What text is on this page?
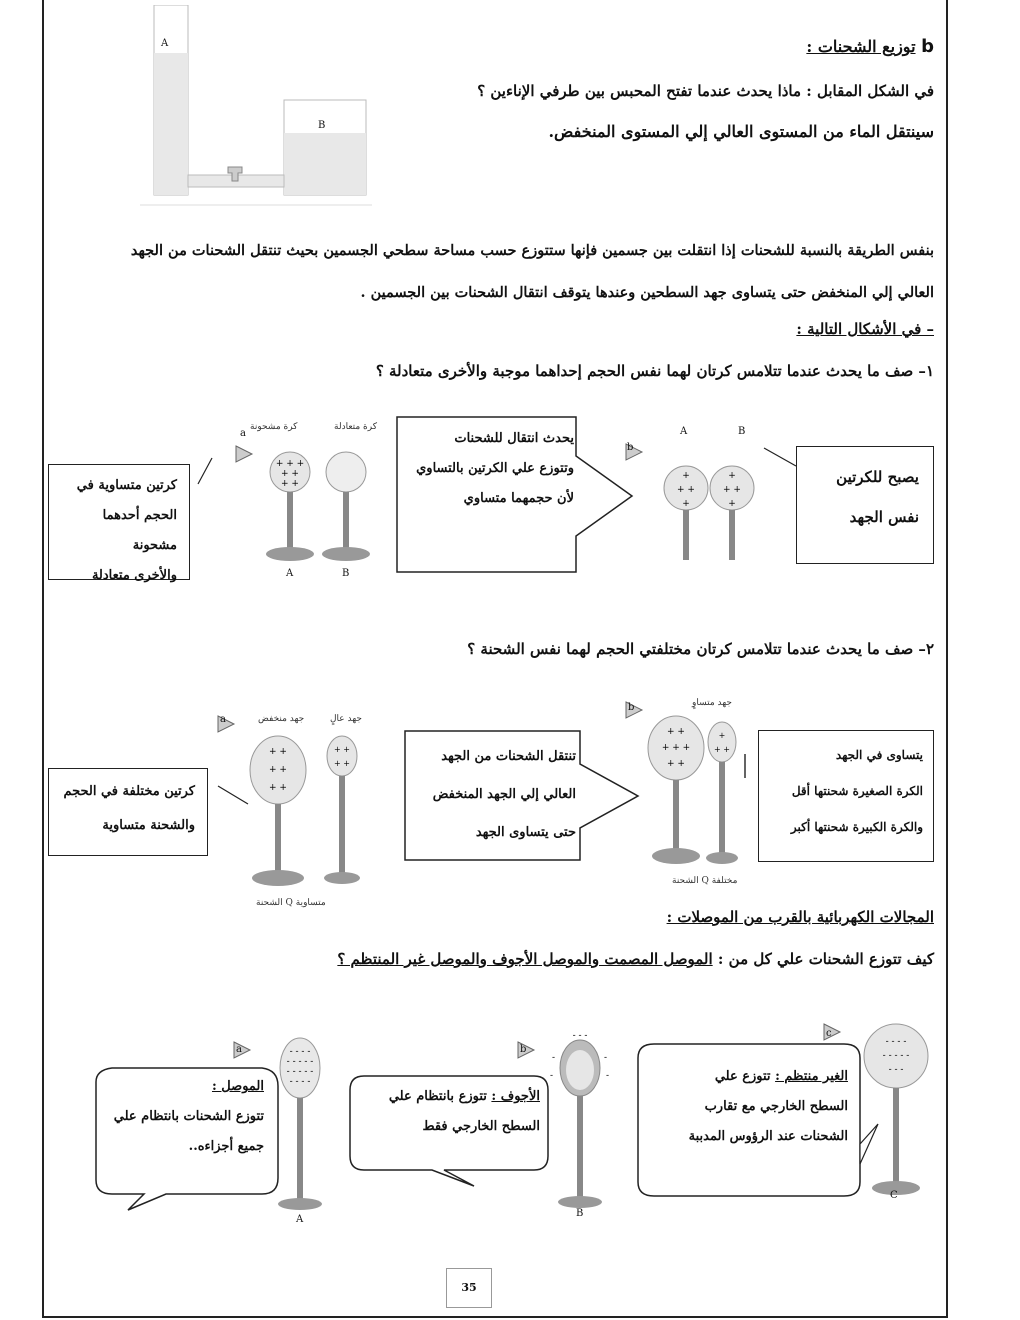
A
B
b توزيع الشحنات :
في الشكل المقابل : ماذا يحدث عندما تفتح المحبس بين طرفي الإناءين ؟
سينتقل الماء من المستوى العالي إلي المستوى المنخفض.
بنفس الطريقة بالنسبة للشحنات إذا انتقلت بين جسمين فإنها ستتوزع حسب مساحة سطحي الجسمين بحيث تنتقل الشحنات من الجهد
العالي إلي المنخفض حتى يتساوى جهد السطحين وعندها يتوقف انتقال الشحنات بين الجسمين .
– في الأشكال التالية :
١– صف ما يحدث عندما تتلامس كرتان لهما نفس الحجم إحداهما موجبة والأخرى متعادلة ؟
كرتين متساوية في
الحجم أحدهما مشحونة
والأخرى متعادلة
+ + +
+ +
+ +
a
كرة مشحونة	كرة متعادلة
A	B
يحدث انتقال للشحنات
وتتوزع علي الكرتين بالتساوي
لأن حجمهما متساوي
+
+ +
+
+
+ +
+
b
A	B
يصبح للكرتين
نفس الجهد
٢– صف ما يحدث عندما تتلامس كرتان مختلفتي الحجم لهما نفس الشحنة ؟
كرتين مختلفة في الحجم
والشحنة متساوية
+ +
+ +
+ +
+ +
+ +
a	جهد منخفض	جهد عالٍ
الشحنة Q متساوية
تنتقل الشحنات من الجهد
العالي إلي الجهد المنخفض
حتى يتساوى الجهد
+ +
+ + +
+ +
+
+ +
b	جهد متساوٍ
الشحنة Q مختلفة
يتساوى في الجهد
الكرة الصغيرة شحنتها أقل
والكرة الكبيرة شحنتها أكبر
المجالات الكهربائية بالقرب من الموصلات :
كيف تتوزع الشحنات علي كل من : الموصل المصمت والموصل الأجوف والموصل غير المنتظم ؟
- - - -
- - - - -
- - - - -
- - - -
a
الموصل :
تتوزع الشحنات بانتظام علي
جميع أجزاءه..
A
-	-
-	-
- - -
b
الأجوف : تتوزع بانتظام علي
السطح الخارجي فقط
B
- - - -
- - - - -
- - -
c
الغير منتظم : تتوزع علي
السطح الخارجي مع تقارب
الشحنات عند الرؤوس المدببة
C
35
